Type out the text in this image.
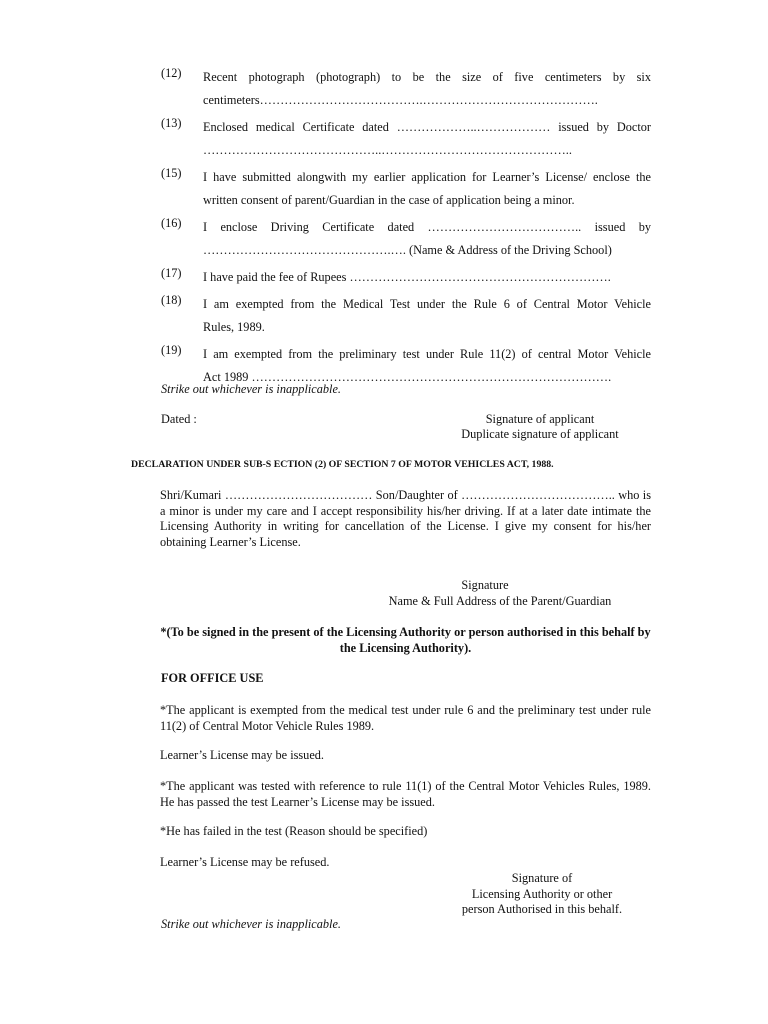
(12)	Recent photograph (photograph) to be the size of five centimeters by six
centimeters………………………………….…………………………………….
(13)	Enclosed medical Certificate dated ………………..……………… issued by Doctor
……………………………………..………………………………………..
(15)	I have submitted alongwith my earlier application for Learner’s License/ enclose the
written consent of parent/Guardian in the case of application being a minor.
(16)	I enclose Driving Certificate dated ……………………………….. issued by
……………………………………….…. (Name & Address of the Driving School)
(17)	I have paid the fee of Rupees ……………………………………………………….
(18)	I am exempted from the Medical Test under the Rule 6 of Central Motor Vehicle
Rules, 1989.
(19)	I am exempted from the preliminary test under Rule 11(2) of central Motor Vehicle
Act 1989 …………………………………………………………………………….
Strike out whichever is inapplicable.
Dated :	Signature of applicant
Duplicate signature of applicant
DECLARATION UNDER SUB-S ECTION (2) OF SECTION 7 OF MOTOR VEHICLES ACT, 1988.
Shri/Kumari ……………………………… Son/Daughter of ……………………………….. who is a minor is under my care and I accept responsibility his/her driving. If at a later date intimate the Licensing Authority in writing for cancellation of the License. I give my consent for his/her obtaining Learner’s License.
Signature
Name & Full Address of the Parent/Guardian
*(To be signed in the present of the Licensing Authority or person authorised in this behalf by the Licensing Authority).
FOR OFFICE USE
*The applicant is exempted from the medical test under rule 6 and the preliminary test under rule 11(2) of Central Motor Vehicle Rules 1989.
Learner’s License may be issued.
*The applicant was tested with reference to rule 11(1) of the Central Motor Vehicles Rules, 1989. He has passed the test Learner’s License may be issued.
*He has failed in the test (Reason should be specified)
Learner’s License may be refused.
Signature of
Licensing Authority or other
person Authorised in this behalf.
Strike out whichever is inapplicable.
